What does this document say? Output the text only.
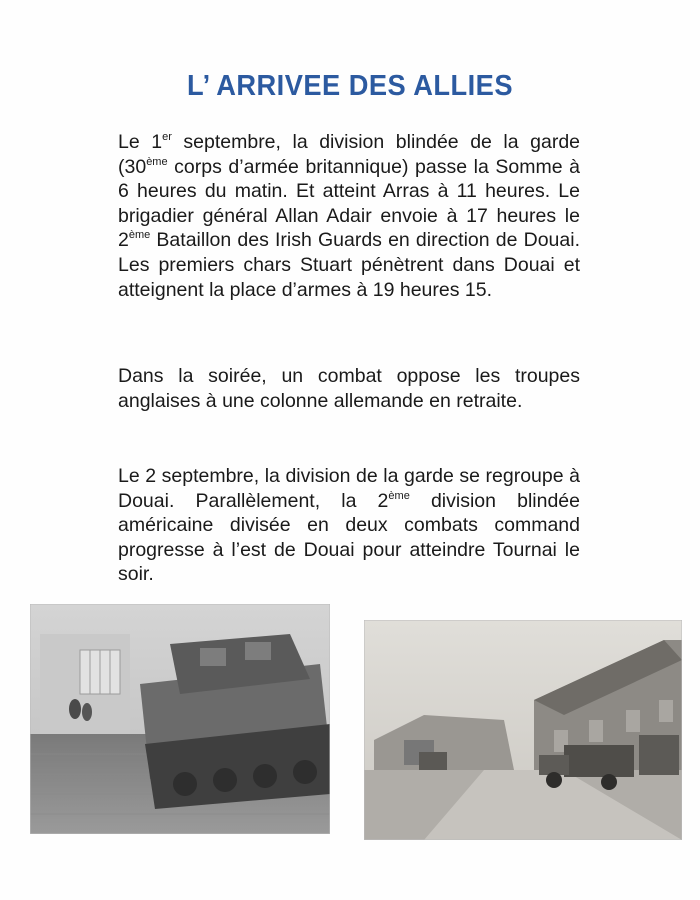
L’ ARRIVEE DES ALLIES
Le 1er septembre, la division blindée de la garde (30ème corps d’armée britannique) passe la Somme à 6 heures du matin. Et atteint Arras à 11 heures. Le brigadier général Allan Adair envoie à 17 heures le 2ème Bataillon des Irish Guards en direction de Douai. Les premiers chars Stuart pénètrent dans Douai et atteignent la place d’armes à 19 heures 15.
Dans la soirée, un combat oppose les troupes anglaises à une colonne allemande en retraite.
Le 2 septembre, la division de la garde se regroupe à Douai. Parallèlement, la 2ème division blindée américaine divisée en deux combats command progresse à l’est de Douai pour atteindre Tournai le soir.
